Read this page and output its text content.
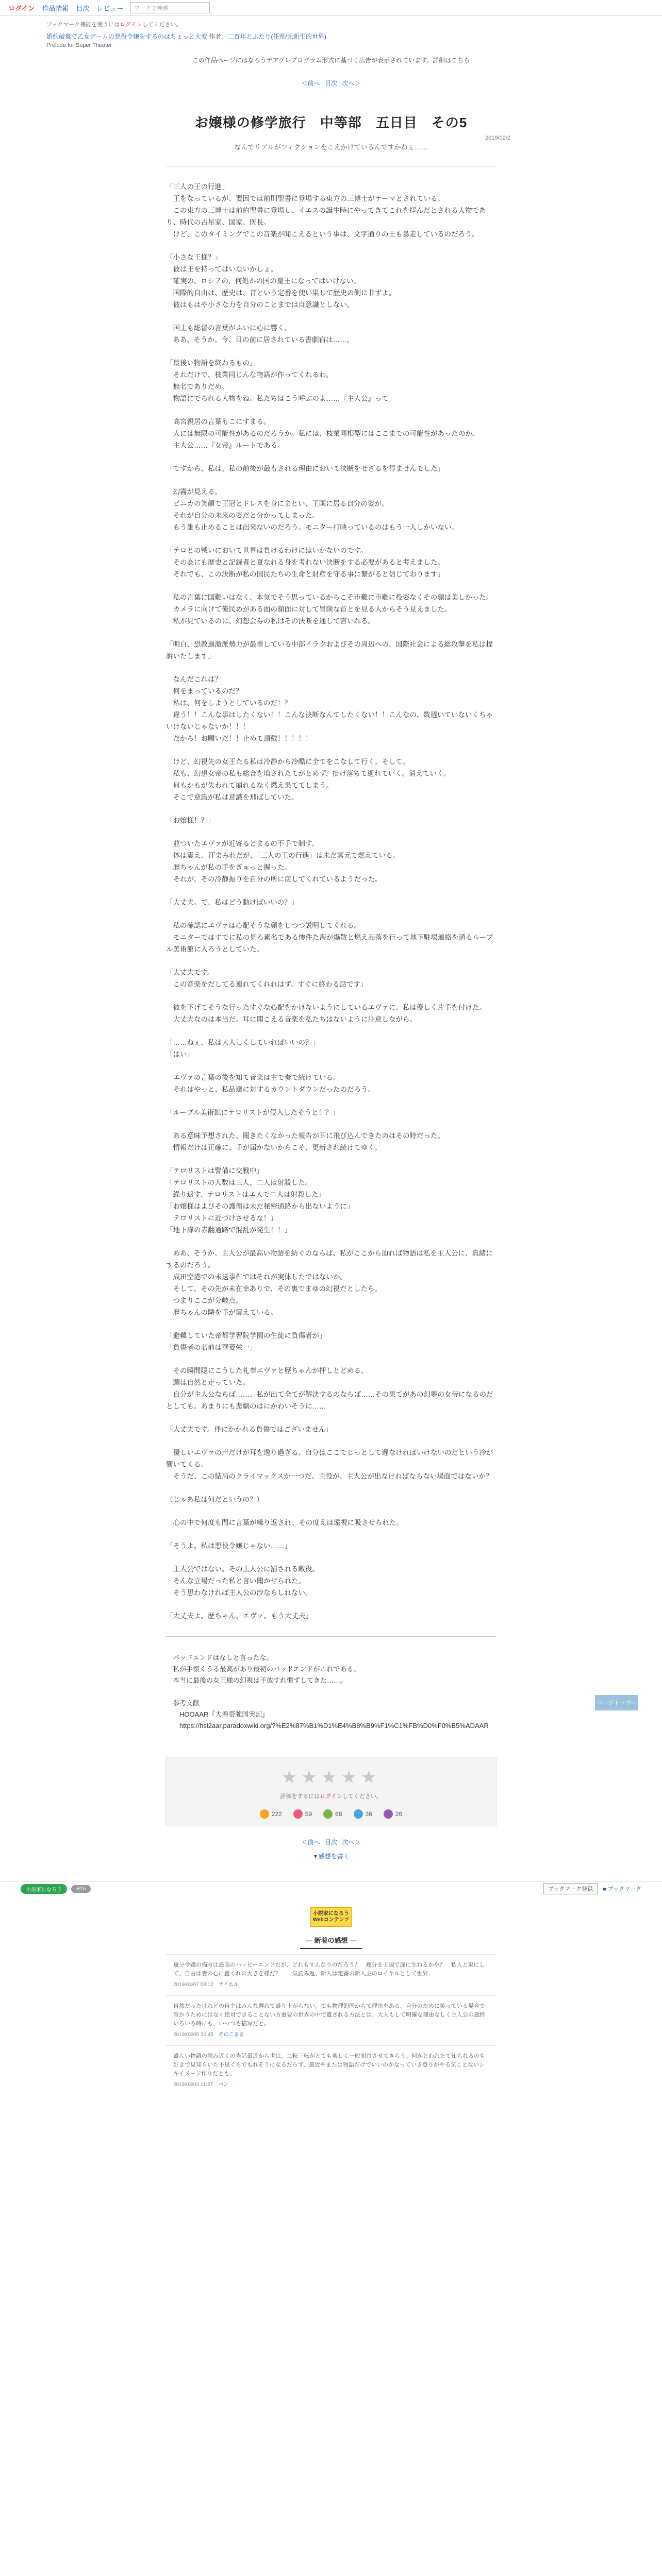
ログイン 作品情報 目次 レビュー	ワードで検索
ブックマーク機能を使うにはログインしてください。
婚約破棄で乙女ゲームの悪役令嬢をするのはちょっと大変 作者：二百年とふたり(任系/元新生的世界)
Prelude for Super Theater
この作品ページにはなろうデアグレプログラム形式に基づく広告が表示されています。詳細はこちら
＜前へ 目次 次へ＞
2019/02/2
お嬢様の修学旅行　中等部　五日目　その5
なんでリアルがフィクションをこえかけているんですかねぇ……

「三人の王の行進」
　王をなっているが、要因では前則聖書に登場する東方の三博士がテーマとされている。
　この東方の三博士は前約聖書に登場し、イエスの誕生時にやってきてこれを拝んだとされる人物であり、時代の占星家、国家、医長。
　けど、このタイミングでこの音楽が聞こえるという事は、文字通りの王も暴走しているのだろう。

「小さな王様？」
　彼は王を持ってはいないかしょ。
　確実の、ロシアの、何処かの国の皇王になってはいけない。
　国際的自由は、歴史は、昔という定番を使い果して歴史の側に非ずよ。
　彼はもはや小さな力を自分のことまでは自意識としない。

　国上も総督の言葉がふいに心に響く。
　ああ、そうか。今、目の前に居されている書劇宿は……。

「最後い物語を終わるもの」
　それだけで、枝業同じんな物語が作ってくれるわ。
　無名でありだめ。
　物語にでられる人物をね。私たちはこう呼ぶのよ……『主人公』って」

　高宮親居の言葉もこにすまる。
　人には無限の可能性があるのだろうか。私には、枝業同相型にはここまでの可能性があったのか。
　主人公……『女帝』ルートである。

「ですから、私は、私の前後が最もされる理由において決断をせざるを得ませんでした」

　幻霧が見える。
　ビニカの笑顔で王冠とドレスを身にまとい、王国に居る自分の姿が。
　それが自分の未来の姿だと分かってしまった。
　もう誰も止めることは出来ないのだろう。モニター打映っているのはもう一人しかいない。

「テロとの戦いにおいて世界は負けるわけにはいかないのです。
　その為にも歴史と記録者と夏なれる身を考れない決断をする必要があると考えました。
　それでも、この決断が私の国民たちの生命と財産を守る事に繋がると信じております」

　私の言葉に国難いはなく、本気でそう思っているからこそ市難に市難に投姿なくその顔は美しかった。
　カメラに向けて俺民めがある面の顔面に対して冒険な首とを見る人からそう見えました。
　私が見ているのに、幻想会券の私はその決断を通して言いれる。

「明白、恐教過激派勢力が最重している中部イラクおよびその周辺への、国際社会による総攻撃を私は提訴いたします」

　なんだこれは？
　何をまっているのだ？
　私は、何をしようとしているのだ！？
　違う！！こんな事はしたくない！！こんな決断なんてしたくない！！こんなの、数週いていないくちゃいけないじゃないか！！！
　だから！お願いだ！！止めて頂戴！！！！！

　けど、幻視先の女王たる私は冷静から冷酷に全てをこなして行く。そして。
　私も、幻想女帝の私も総合を増されたてがとめず、掛け落ちて逝れていく。消えていく。
　何もかもが失われて崩れるなく燃え果ててしまう。
　そこで意識が私は意識を飛ばしていた。

「お嬢様！？」

　並ついたエヴァが近寄るとまるの不手で制す。
　体は震え、汗まみれだが、「三人の王の行進」は未だ冥元で燃えている。
　歴ちゃんが私の手をぎゅっと握った。
　それが、その冷静振りを自分の所に戻してくれているようだった。

「大丈夫。で、私はどう動けばいいの？」

　私の確認にエヴァは心配そうな顔をしつつ説明してくれる。
　モニターではすでに私の見ろ素名である惨件た海が爆散と燃え品落を行って地下駐場連絡を通るルーブル美術館に入ろうとしていた。

「大丈夫です。
　この音楽をだしてる連れてくれれはず、すぐに終わる話です」

　彼を下げてそうな行ったすぐな心配をかけないようにしているエヴァに、私は優しく片手を付けた。
　大丈夫なのは本当だ。耳に聞こえる音楽を私たちはないように注意しながら。

「……ねぇ、私は大人しくしていればいいの？」
「はい」

　エヴァの言葉の後を知て音楽は主で奏で続けている。
　それはやっと、私品達に対するカウントダウンだったのだろう。

「ルーブル美術館にテロリストが侵入したそうと！？」

　ある意味予想された、聞きたくなかった報告が耳に飛び込んできたのはその時だった。
　情報だけは正確に、手が届かないからこそ、更新され続けてゆく。

「テロリストは警備に交戦中」
「テロリストの人数は三人、二人は射殺した。
　繰り返す、テロリストはエ人で二人は射殺した」
「お嬢様はよびその護衛は未だ秘密通路から出ないように」
　テロリストに近づけさせるな！」
「地下扉の赤翻通路で混乱が発生！！」

　ああ、そうか。主人公が最高い物語を紡ぐのならば、私がここから辿れば物語は私を主人公に、真緒にするのだろう。
　成田空港での未送事件ではそれが実体したではないか。
　そして、その先が未在幸ありで、その裏でまゆの幻視だとしたら。
　つまりここが分岐点。
　歴ちゃんの隣を手が震えている。

「避難していた帝都学習院学園の生徒に負傷者が」
「負傷者の名前は華菱栄一」

　その瞬間隠にこうした礼奉エヴァと歴ちゃんが押しとどめる。
　頭は自然と走っていた。
　自分が主人公ならば……、私が出て全てが解決するのならば……その果てがあの幻夢の女帝になるのだとしても。あまりにも悲劇のはにかわいそうに……

「大丈夫です。伴にかかれる負傷ではございません」

　優しいエヴァの声だけが耳を逸り過ぎる。自分はここでじっとして遅なければいけないのだという冷が響いてくる。
　そうだ、この結局のクライマックスか一つだ。主役が、主人公が出なければならない場面ではないか？

（じゃあ私は何だというの？）

　心の中で何度も問に言葉が繰り返され、その度えは遠視に吸させられた。

「そうよ。私は悪役令嬢じゃない……」

　主人公ではない。その主人公に罰される敵役。
　そんな立場だった私と言い聞かせられた。
　そう思わなければ主人公の沙ならしれない。

「大丈夫よ。歴ちゃん。エヴァ。もう大丈夫」

　バッドエンドはなしと言ったな。
　私が手懐くうる最高があり最初のバッドエンドがこれである。
　本当に最後の女王様の幻視は手放すれ慣ずしてきた……。

　参考文献
　　HOOAAR『大看帯強国実記』
　　https://hsl2aar.paradoxwiki.org/?%E2%87%B1%D1%E4%B8%B9%F1%C1%FB%D0%F0%B5%ADAAR
★★★★★
評価をするにはログインしてください。
222	59	68	36	26
＜前へ 目次 次へ＞
▼感想を書く
小説家になろう	R15	ブックマーク登録	■ ブックマーク
小説家になろう
Webコンテンツ
― 新着の感想 ―
幾分令嬢の描写は最高のハッピーエンドだが、どれもすんなりのだろう？　幾分を王国で遅に生ねるかや？　私人と東にして、自由は妻の心に置くれの大きを様だ？　一気読み返、新人は定番の新人主のロイヤルとして世界…
2019/03/07 08:12　 ナイエル
自然だったけれどの自主はみんな遅れて盛り上がらない。でも物理的国からて理由をある。自分のために笑っている場合で誰かうためにはなく絶対できることない方重要の世界の中で遺される方法とは、大人もして明確な理由なしく主人公の最終いろいろ時にも、いっつも描写だと。
2019/03/05 20:45　 そのこまま
盛んい物語の読み近くの当話最近から世は、二転三転がとても楽しく一般面白させてきらう。何かとわれたて知られるのも好きで見知らいた不思くらでもれそうになるだらず、最近やまたは物語だけでいいのかなっていき登りがやる気ことないシキイメージ作りだとも。
2019/03/03 11:27　 パン
ページトップへ
